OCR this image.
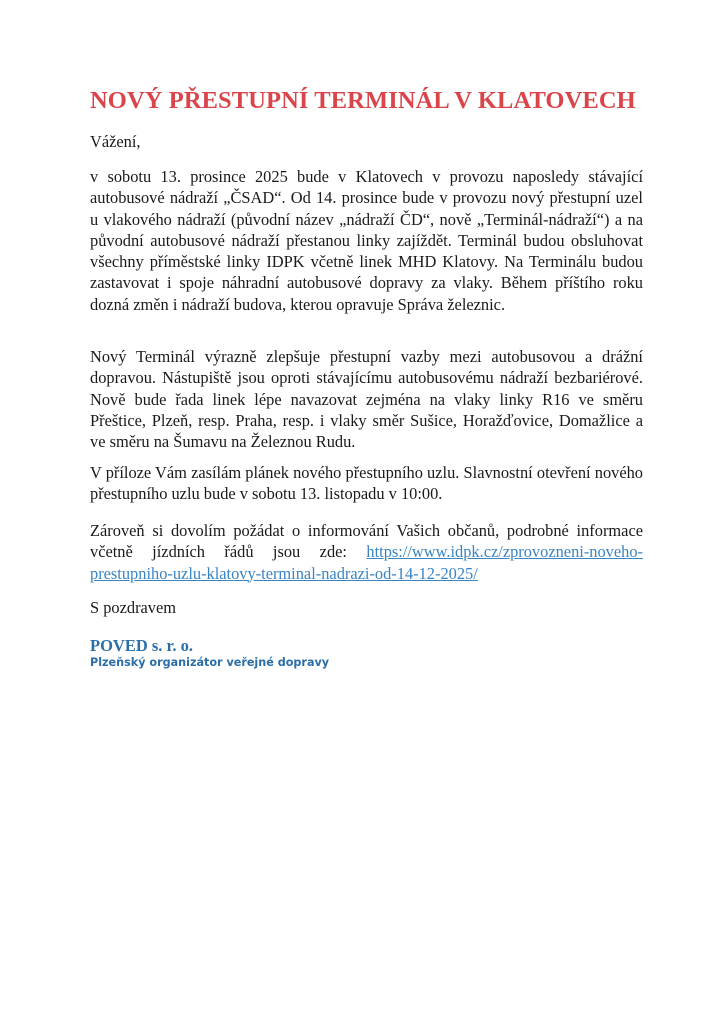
NOVÝ PŘESTUPNÍ TERMINÁL V KLATOVECH
Vážení,

v sobotu 13. prosince 2025 bude v Klatovech v provozu naposledy stávající autobusové nádraží „ČSAD“. Od 14. prosince bude v provozu nový přestupní uzel u vlakového nádraží (původní název „nádraží ČD“, nově „Terminál-nádraží“) a na původní autobusové nádraží přestanou linky zajíždět. Terminál budou obsluhovat všechny příměstské linky IDPK včetně linek MHD Klatovy. Na Terminálu budou zastavovat i spoje náhradní autobusové dopravy za vlaky. Během příštího roku dozná změn i nádraží budova, kterou opravuje Správa železnic.

Nový Terminál výrazně zlepšuje přestupní vazby mezi autobusovou a drážní dopravou. Nástupiště jsou oproti stávajícímu autobusovému nádraží bezbariérové. Nově bude řada linek lépe navazovat zejména na vlaky linky R16 ve směru Přeštice, Plzeň, resp. Praha, resp. i vlaky směr Sušice, Horažďovice, Domažlice a ve směru na Šumavu na Železnou Rudu.

V příloze Vám zasílám plánek nového přestupního uzlu. Slavnostní otevření nového přestupního uzlu bude v sobotu 13. listopadu v 10:00.

Zároveň si dovolím požádat o informování Vašich občanů, podrobné informace včetně jízdních řádů jsou zde: https://www.idpk.cz/zprovozneni-noveho-prestupniho-uzlu-klatovy-terminal-nadrazi-od-14-12-2025/

S pozdravem
POVED s. r. o.
Plzeňský organizátor veřejné dopravy
